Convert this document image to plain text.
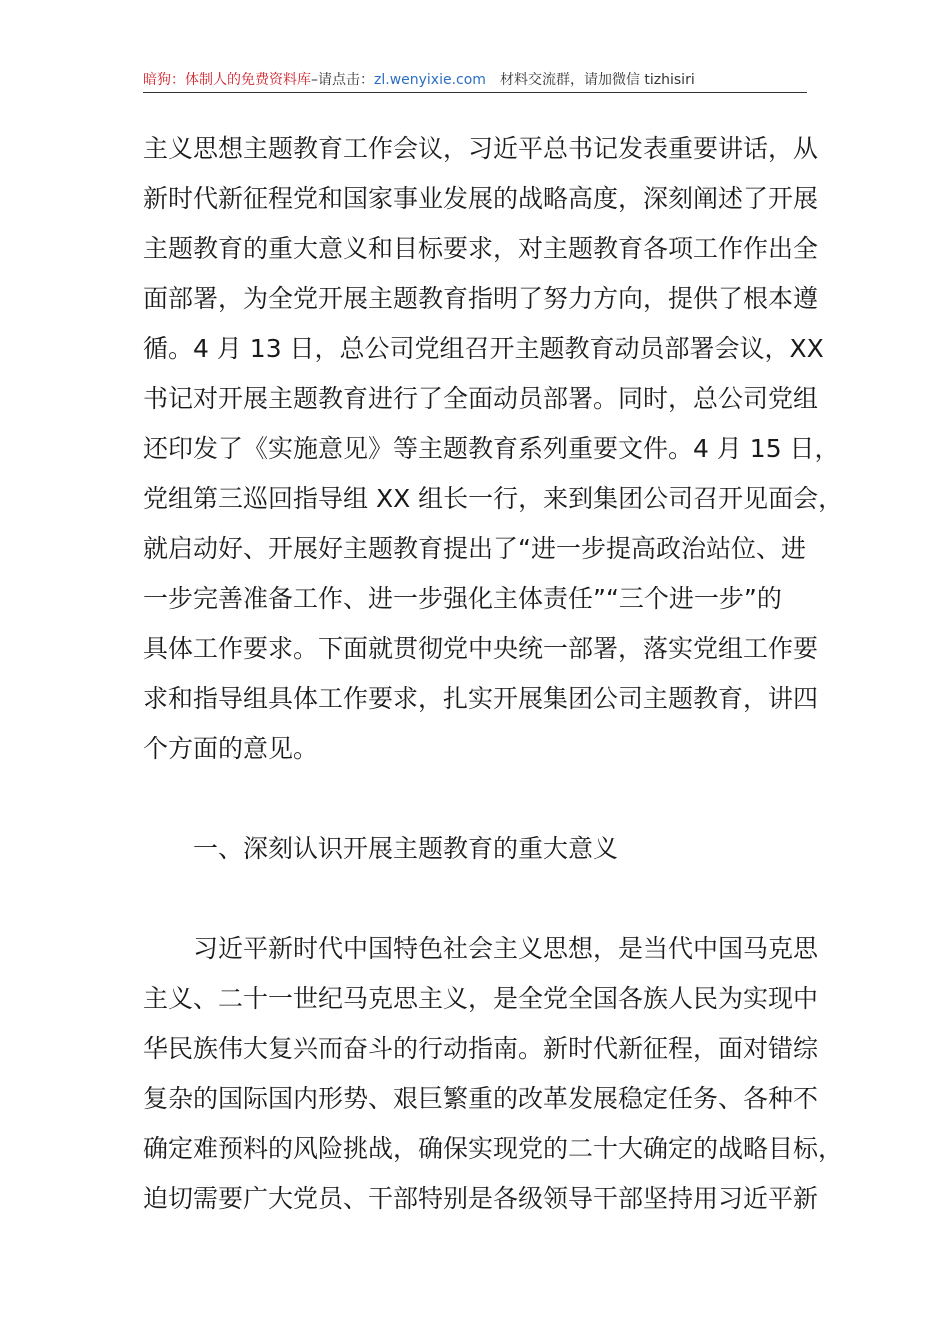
暗狗：体制人的免费资料库–请点击：zl.wenyixie.com 材料交流群，请加微信 tizhisiri
主义思想主题教育工作会议，习近平总书记发表重要讲话，从
新时代新征程党和国家事业发展的战略高度，深刻阐述了开展
主题教育的重大意义和目标要求，对主题教育各项工作作出全
面部署，为全党开展主题教育指明了努力方向，提供了根本遵
循。4 月 13 日，总公司党组召开主题教育动员部署会议，XX
书记对开展主题教育进行了全面动员部署。同时，总公司党组
还印发了《实施意见》等主题教育系列重要文件。4 月 15 日，
党组第三巡回指导组 XX 组长一行，来到集团公司召开见面会，
就启动好、开展好主题教育提出了“进一步提高政治站位、进
一步完善准备工作、进一步强化主体责任”“三个进一步”的
具体工作要求。下面就贯彻党中央统一部署，落实党组工作要
求和指导组具体工作要求，扎实开展集团公司主题教育，讲四
个方面的意见。
一、深刻认识开展主题教育的重大意义
习近平新时代中国特色社会主义思想，是当代中国马克思
主义、二十一世纪马克思主义，是全党全国各族人民为实现中
华民族伟大复兴而奋斗的行动指南。新时代新征程，面对错综
复杂的国际国内形势、艰巨繁重的改革发展稳定任务、各种不
确定难预料的风险挑战，确保实现党的二十大确定的战略目标，
迫切需要广大党员、干部特别是各级领导干部坚持用习近平新
